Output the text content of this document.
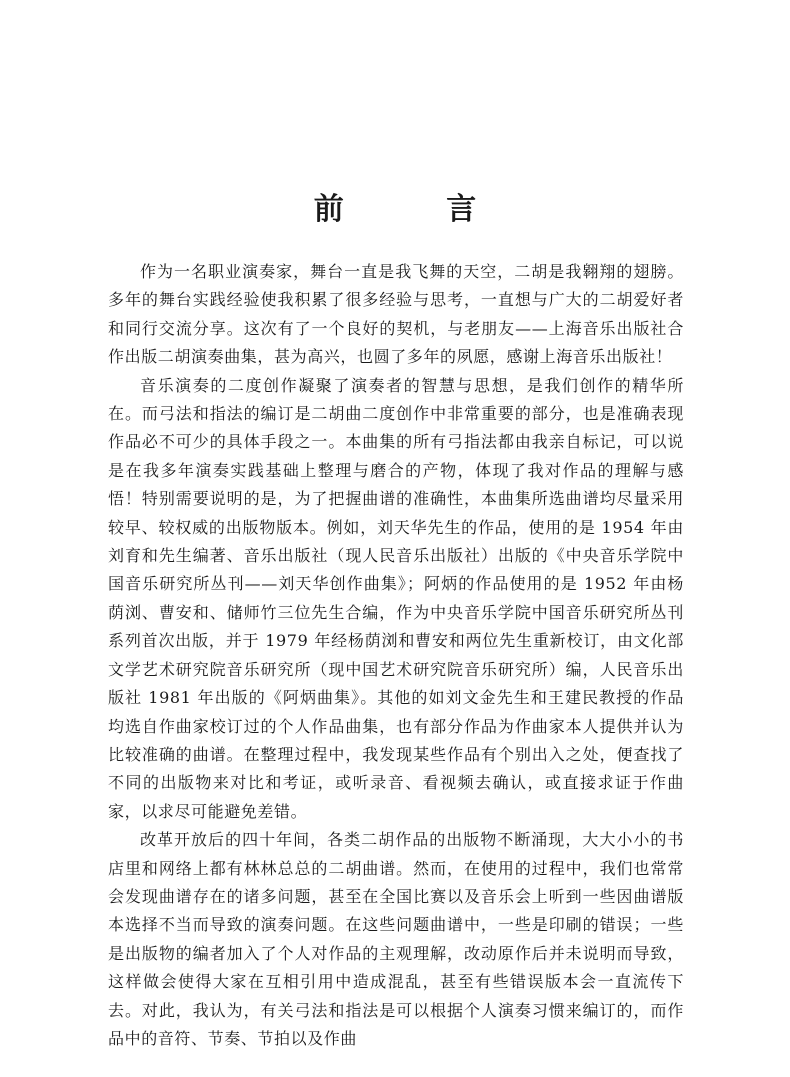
前 言

作为一名职业演奏家，舞台一直是我飞舞的天空，二胡是我翱翔的翅膀。多年的舞台实践经验使我积累了很多经验与思考，一直想与广大的二胡爱好者和同行交流分享。这次有了一个良好的契机，与老朋友——上海音乐出版社合作出版二胡演奏曲集，甚为高兴，也圆了多年的夙愿，感谢上海音乐出版社！

音乐演奏的二度创作凝聚了演奏者的智慧与思想，是我们创作的精华所在。而弓法和指法的编订是二胡曲二度创作中非常重要的部分，也是准确表现作品必不可少的具体手段之一。本曲集的所有弓指法都由我亲自标记，可以说是在我多年演奏实践基础上整理与磨合的产物，体现了我对作品的理解与感悟！特别需要说明的是，为了把握曲谱的准确性，本曲集所选曲谱均尽量采用较早、较权威的出版物版本。例如，刘天华先生的作品，使用的是 1954 年由刘育和先生编著、音乐出版社（现人民音乐出版社）出版的《中央音乐学院中国音乐研究所丛刊——刘天华创作曲集》；阿炳的作品使用的是 1952 年由杨荫浏、曹安和、储师竹三位先生合编，作为中央音乐学院中国音乐研究所丛刊系列首次出版，并于 1979 年经杨荫浏和曹安和两位先生重新校订，由文化部文学艺术研究院音乐研究所（现中国艺术研究院音乐研究所）编，人民音乐出版社 1981 年出版的《阿炳曲集》。其他的如刘文金先生和王建民教授的作品均选自作曲家校订过的个人作品曲集，也有部分作品为作曲家本人提供并认为比较准确的曲谱。在整理过程中，我发现某些作品有个别出入之处，便查找了不同的出版物来对比和考证，或听录音、看视频去确认，或直接求证于作曲家，以求尽可能避免差错。

改革开放后的四十年间，各类二胡作品的出版物不断涌现，大大小小的书店里和网络上都有林林总总的二胡曲谱。然而，在使用的过程中，我们也常常会发现曲谱存在的诸多问题，甚至在全国比赛以及音乐会上听到一些因曲谱版本选择不当而导致的演奏问题。在这些问题曲谱中，一些是印刷的错误；一些是出版物的编者加入了个人对作品的主观理解，改动原作后并未说明而导致，这样做会使得大家在互相引用中造成混乱，甚至有些错误版本会一直流传下去。对此，我认为，有关弓法和指法是可以根据个人演奏习惯来编订的，而作品中的音符、节奏、节拍以及作曲
